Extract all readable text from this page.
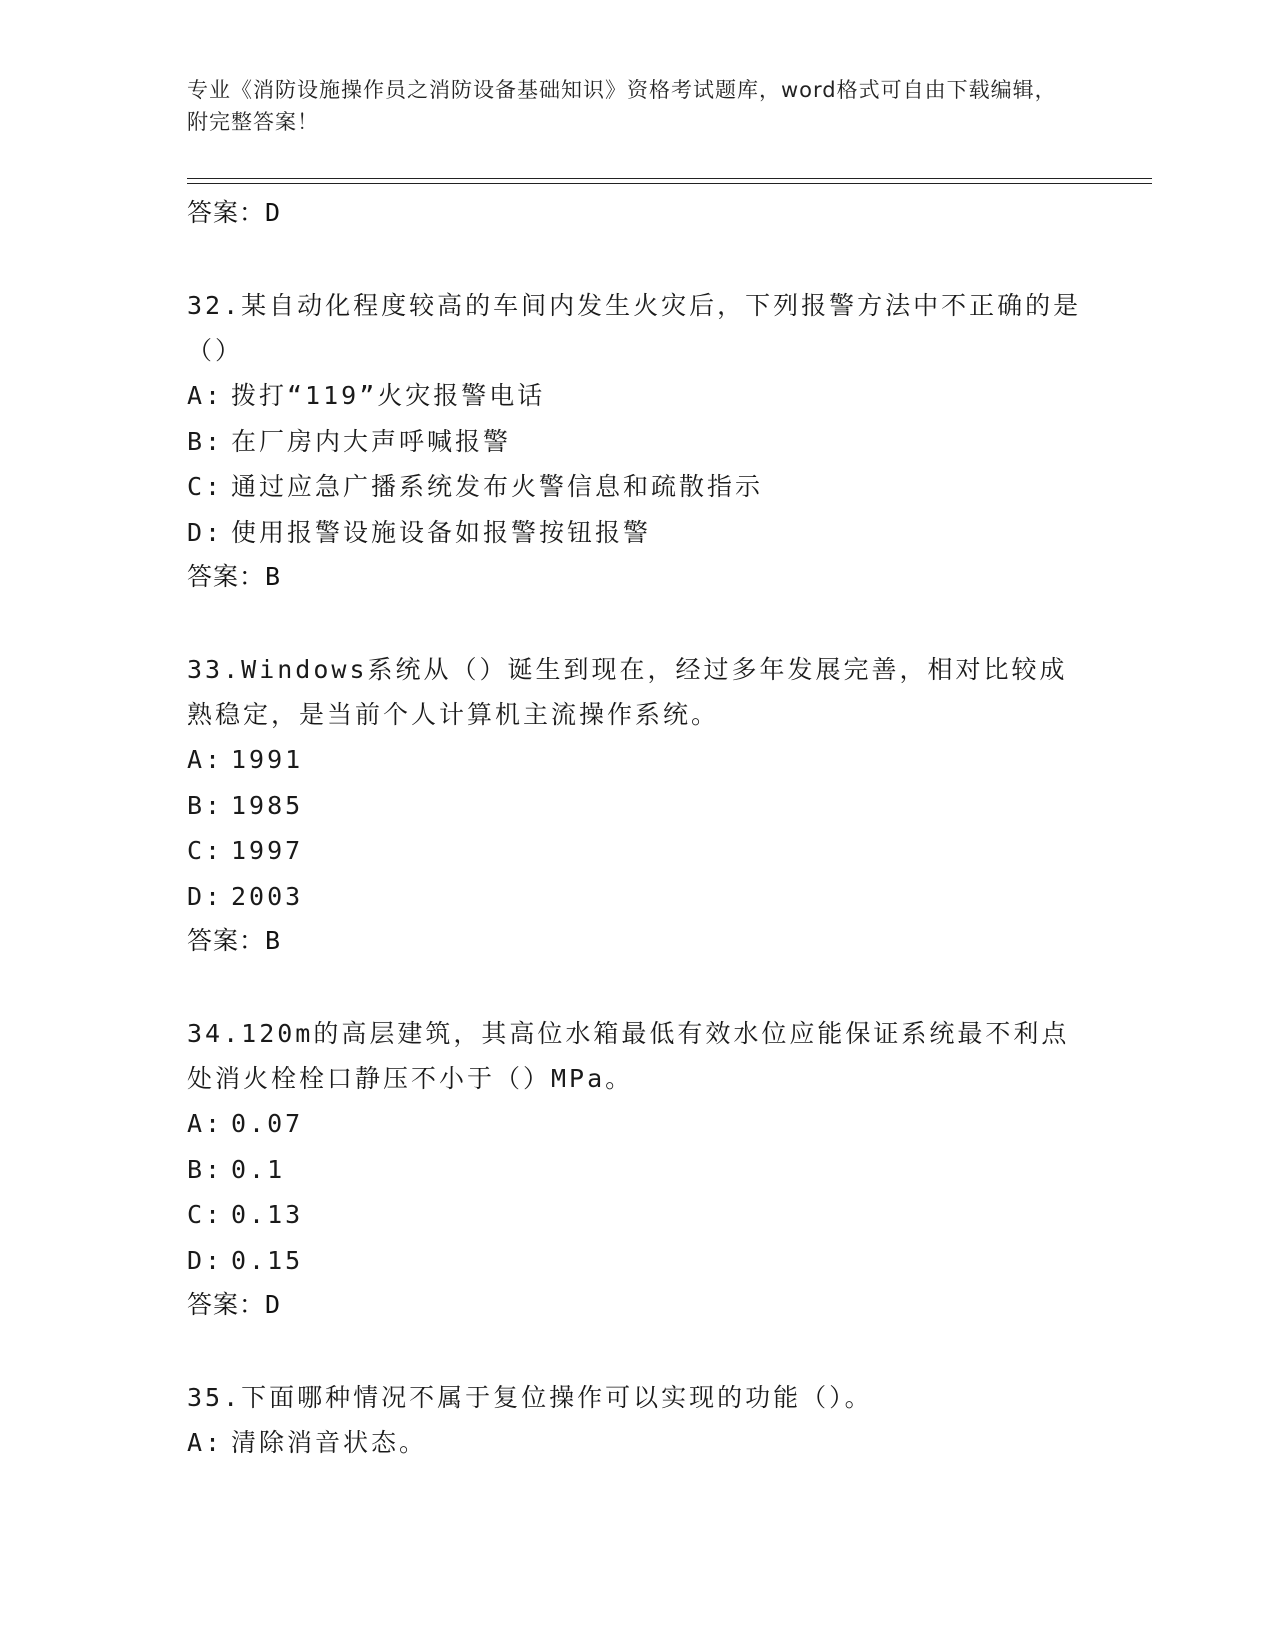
专业《消防设施操作员之消防设备基础知识》资格考试题库，word格式可自由下载编辑，附完整答案！
答案：D

32.某自动化程度较高的车间内发生火灾后，下列报警方法中不正确的是（）

A: 拨打“119”火灾报警电话
B: 在厂房内大声呼喊报警
C: 通过应急广播系统发布火警信息和疏散指示
D: 使用报警设施设备如报警按钮报警
答案：B

33.Windows系统从（）诞生到现在，经过多年发展完善，相对比较成熟稳定，是当前个人计算机主流操作系统。

A: 1991
B: 1985
C: 1997
D: 2003
答案：B

34.120m的高层建筑，其高位水箱最低有效水位应能保证系统最不利点处消火栓栓口静压不小于（）MPa。

A: 0.07
B: 0.1
C: 0.13
D: 0.15
答案：D

35.下面哪种情况不属于复位操作可以实现的功能（）。

A: 清除消音状态。
